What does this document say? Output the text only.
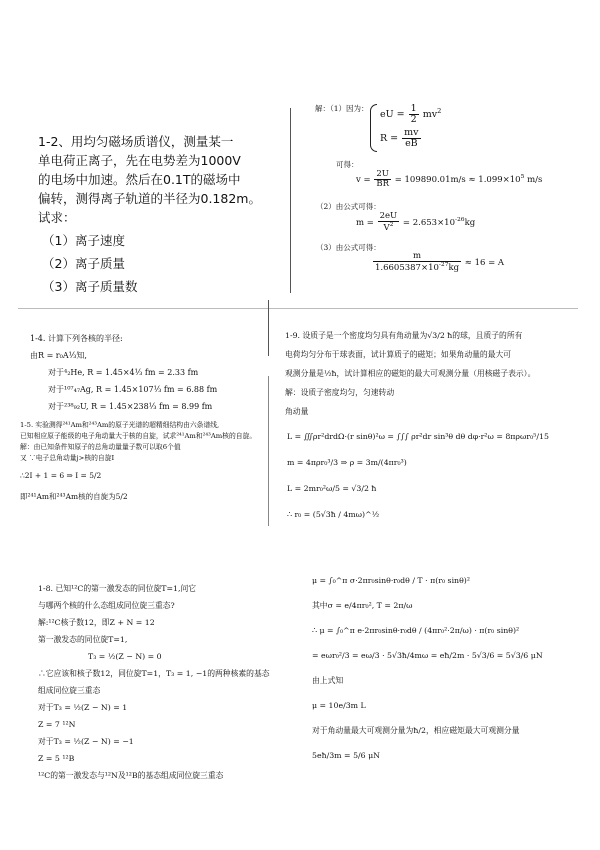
1-2、用均匀磁场质谱仪，测量某一
单电荷正离子，先在电势差为1000V
的电场中加速。然后在0.1T的磁场中
偏转，测得离子轨道的半径为0.182m。
试求：
（1）离子速度
（2）离子质量
（3）离子质量数
解：（1）因为：
eU = $\frac{1}{2} mv^2$
$R = \frac{mv}{eB}$
可得：
$v = \frac{2U}{BR} = 109890.01m/s \approx 1.099\times 10^5$ m/s
（2）由公式可得：
$m = \frac{2eU}{V^2} = 2.653\times 10^{-26}kg$
（3）由公式可得：
$\frac{m}{1.6605387\times 10^{-27}kg} \approx 16 = A$
1-4. 计算下列各核的半径:
由R = r₀A⅓知,
对于⁴₂He, R = 1.45×4⅓ fm = 2.33 fm
对于¹⁰⁷₄₇Ag, R = 1.45×107⅓ fm = 6.88 fm
对于²³⁸₉₂U, R = 1.45×238⅓ fm = 8.99 fm
1-5. 实验测得²⁴¹Am和²⁴³Am的原子光谱的超精细结构由六条谱线,
已知相应原子能级的电子角动量大于核的自旋，试求²⁴¹Am和²⁴³Am核的自旋。
解：由已知条件知原子的总角动量量子数可以取6个值
又 ∵电子总角动量j>核的自旋I
∴2I + 1 = 6 ⇒ I = 5/2
即²⁴¹Am和²⁴³Am核的自旋为5/2
1-9. 设质子是一个密度均匀具有角动量为√3/2 ħ的球，且质子的所有
电荷均匀分布于球表面，试计算质子的磁矩；如果角动量的最大可
观测分量是½ħ，试计算相应的磁矩的最大可观测分量（用核磁子表示）。
解：设质子密度均匀，匀速转动
角动量
L = ∭ρr²drdΩ·(r sinθ)²ω = ∫∫∫ ρr²dr sin³θ dθ dφ·r²ω = 8πρωr₀⁵/15
m = 4πρr₀³/3 ⇒ ρ = 3m/(4πr₀³)
L = 2mr₀²ω/5 = √3/2 ħ
∴ r₀ = (5√3ħ / 4mω)^½
1-8. 已知¹²C的第一激发态的同位旋T=1,问它
与哪两个核的什么态组成同位旋三重态?
解:¹²C核子数12，即Z + N = 12
第一激发态的同位旋T=1,
T₃ = ½(Z − N) = 0
∴它应该和核子数12，同位旋T=1，T₃ = 1, −1的两种核素的基态
组成同位旋三重态
对于T₃ = ½(Z − N) = 1
Z = 7 ¹²N
对于T₃ = ½(Z − N) = −1
Z = 5 ¹²B
¹²C的第一激发态与¹²N及¹²B的基态组成同位旋三重态
μ = ∫₀^π σ·2πr₀sinθ·r₀dθ / T · π(r₀ sinθ)²
其中σ = e/4πr₀², T = 2π/ω
∴ μ = ∫₀^π e·2πr₀sinθ·r₀dθ / (4πr₀²·2π/ω) · π(r₀ sinθ)²
= eωr₀²/3 = eω/3 · 5√3ħ/4mω = eħ/2m · 5√3/6 = 5√3/6 μN
由上式知
μ = 10e/3m L
对于角动量最大可观测分量为ħ/2，相应磁矩最大可观测分量
5eħ/3m = 5/6 μN
